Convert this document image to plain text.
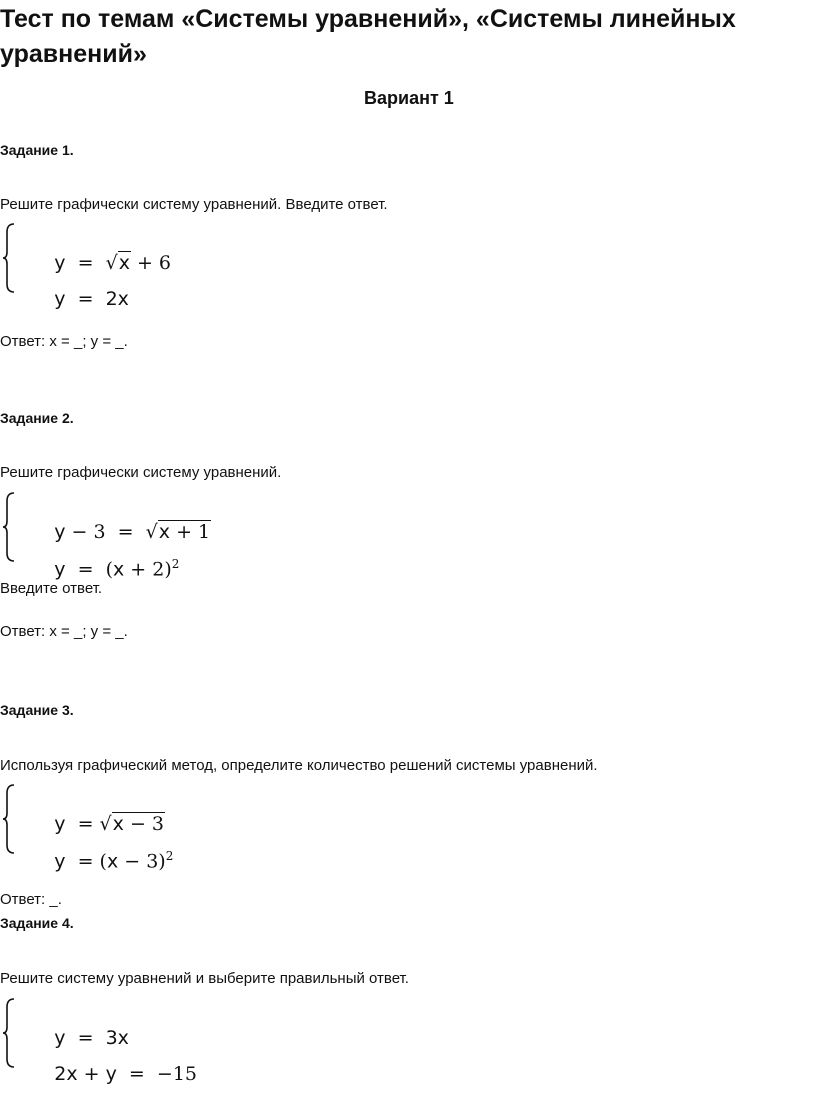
Тест по темам «Системы уравнений», «Системы линейных уравнений»
Вариант 1
Задание 1.
Решите графически систему уравнений. Введите ответ.

y  =  √x + 6

y  =  2x

Ответ: x = _; y = _.
Задание 2.
Решите графически систему уравнений.

y − 3  =  √x + 1

$y = (x + 2)^2$

Введите ответ.
Ответ: x = _; y = _.
Задание 3.
Используя графический метод, определите количество решений системы уравнений.

y  = √x − 3

$y = (x - 3)^2$

Ответ: _.
Задание 4.
Решите систему уравнений и выберите правильный ответ.

y  =  3x

2x + y  =  −15
